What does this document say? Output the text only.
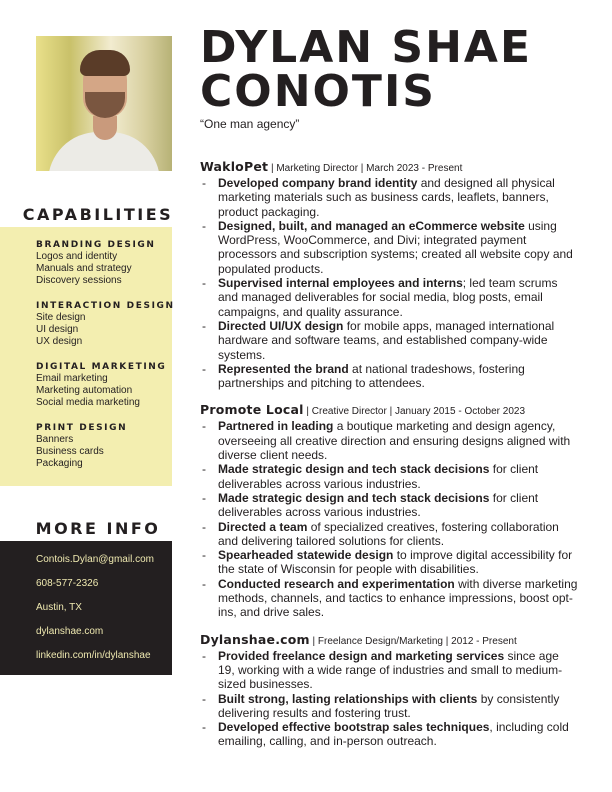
DYLAN SHAE
CONOTIS
“One man agency”
CAPABILITIES
BRANDING DESIGN
Logos and identity
Manuals and strategy
Discovery sessions
INTERACTION DESIGN
Site design
UI design
UX design
DIGITAL MARKETING
Email marketing
Marketing automation
Social media marketing
PRINT DESIGN
Banners
Business cards
Packaging
MORE INFO
Contois.Dylan@gmail.com
608-577-2326
Austin, TX
dylanshae.com
linkedin.com/in/dylanshae
WakloPet | Marketing Director | March 2023 - Present
- Developed company brand identity and designed all physical marketing materials such as business cards, leaflets, banners, product packaging.
- Designed, built, and managed an eCommerce website using WordPress, WooCommerce, and Divi; integrated payment processors and subscription systems; created all website copy and populated products.
- Supervised internal employees and interns; led team scrums and managed deliverables for social media, blog posts, email campaigns, and quality assurance.
- Directed UI/UX design for mobile apps, managed international hardware and software teams, and established company-wide systems.
- Represented the brand at national tradeshows, fostering partnerships and pitching to attendees.
Promote Local | Creative Director | January 2015 - October 2023
- Partnered in leading a boutique marketing and design agency, overseeing all creative direction and ensuring designs aligned with diverse client needs.
- Made strategic design and tech stack decisions for client deliverables across various industries.
- Made strategic design and tech stack decisions for client deliverables across various industries.
- Directed a team of specialized creatives, fostering collaboration and delivering tailored solutions for clients.
- Spearheaded statewide design to improve digital accessibility for the state of Wisconsin for people with disabilities.
- Conducted research and experimentation with diverse marketing methods, channels, and tactics to enhance impressions, boost opt-ins, and drive sales.
Dylanshae.com | Freelance Design/Marketing | 2012 - Present
- Provided freelance design and marketing services since age 19, working with a wide range of industries and small to medium-sized businesses.
- Built strong, lasting relationships with clients by consistently delivering results and fostering trust.
- Developed effective bootstrap sales techniques, including cold emailing, calling, and in-person outreach.
